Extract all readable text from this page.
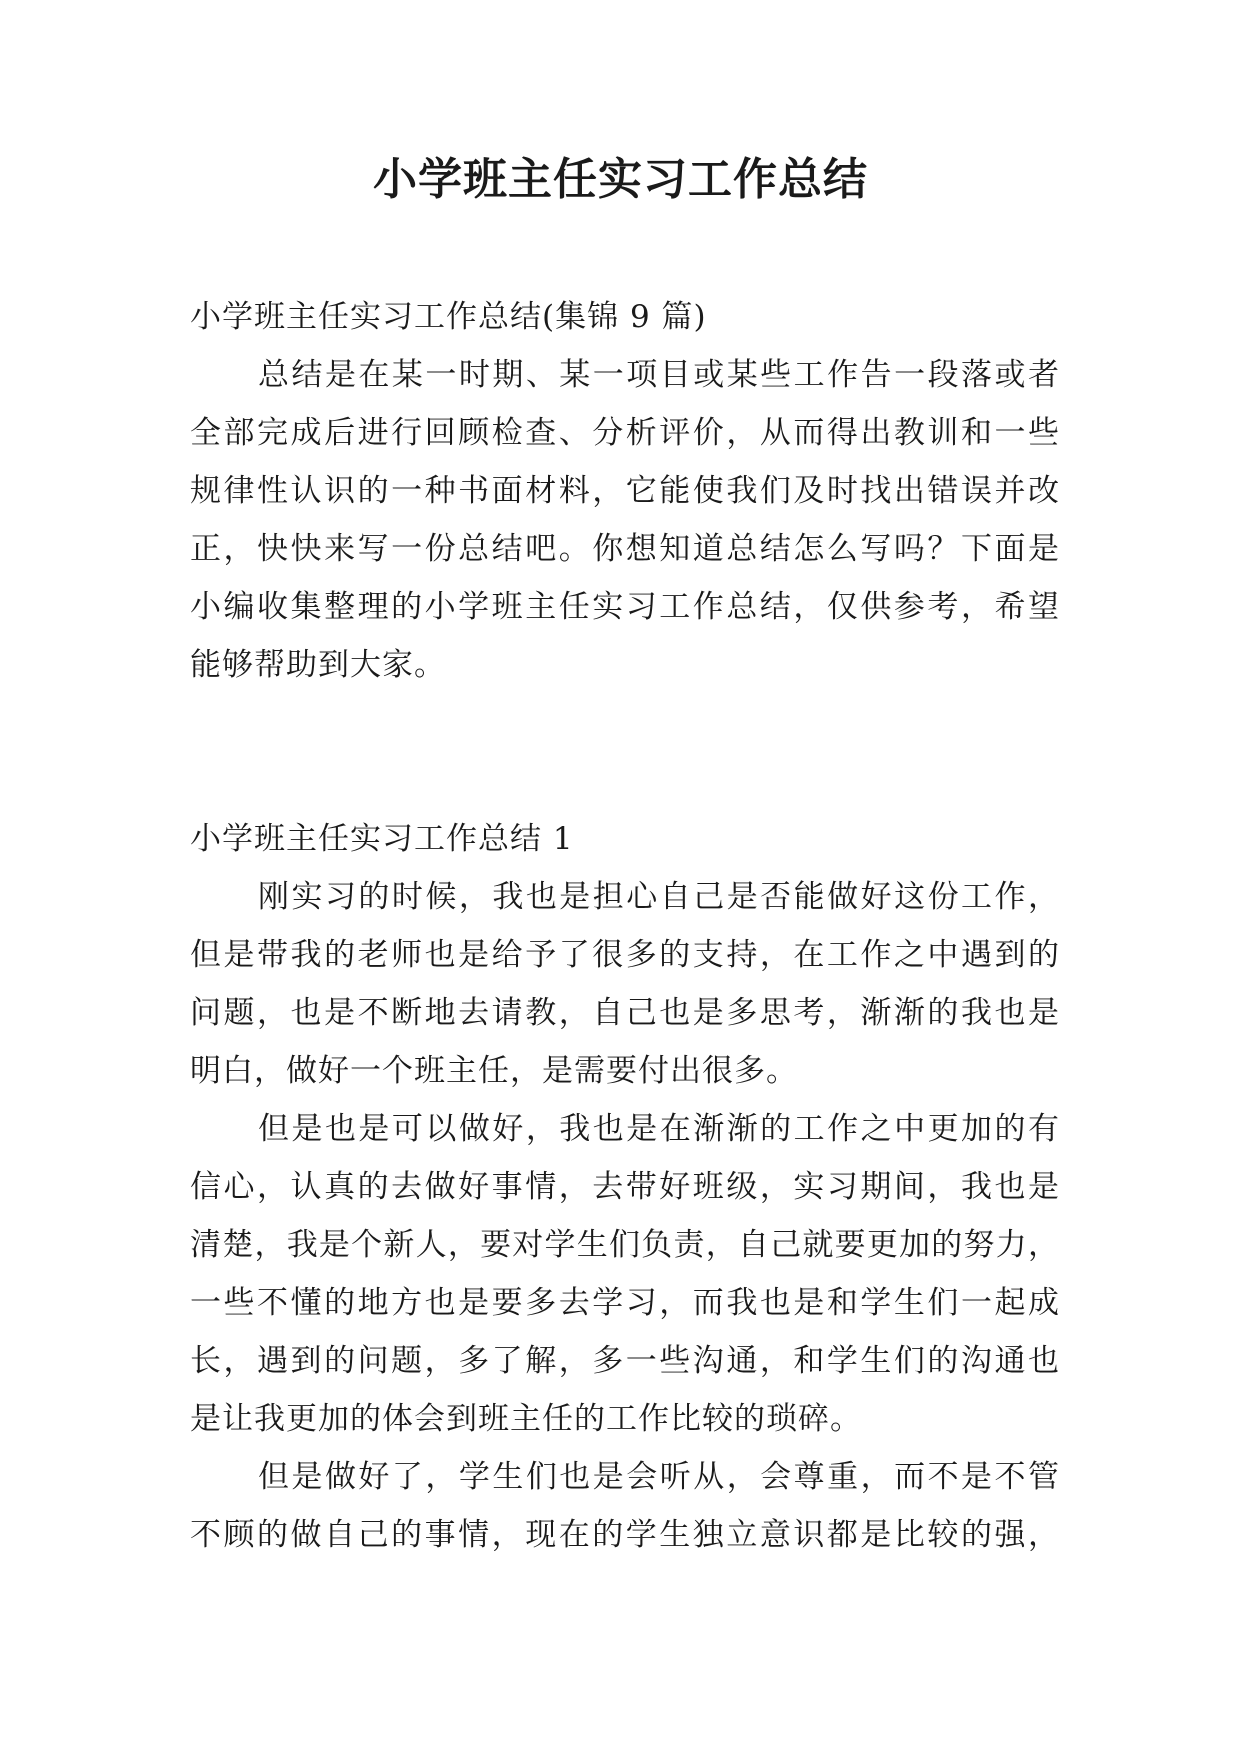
小学班主任实习工作总结
小学班主任实习工作总结(集锦 9 篇)
总结是在某一时期、某一项目或某些工作告一段落或者
全部完成后进行回顾检查、分析评价，从而得出教训和一些
规律性认识的一种书面材料，它能使我们及时找出错误并改
正，快快来写一份总结吧。你想知道总结怎么写吗？下面是
小编收集整理的小学班主任实习工作总结，仅供参考，希望
能够帮助到大家。
小学班主任实习工作总结 1
刚实习的时候，我也是担心自己是否能做好这份工作，
但是带我的老师也是给予了很多的支持，在工作之中遇到的
问题，也是不断地去请教，自己也是多思考，渐渐的我也是
明白，做好一个班主任，是需要付出很多。
但是也是可以做好，我也是在渐渐的工作之中更加的有
信心，认真的去做好事情，去带好班级，实习期间，我也是
清楚，我是个新人，要对学生们负责，自己就要更加的努力，
一些不懂的地方也是要多去学习，而我也是和学生们一起成
长，遇到的问题，多了解，多一些沟通，和学生们的沟通也
是让我更加的体会到班主任的工作比较的琐碎。
但是做好了，学生们也是会听从，会尊重，而不是不管
不顾的做自己的事情，现在的学生独立意识都是比较的强，
